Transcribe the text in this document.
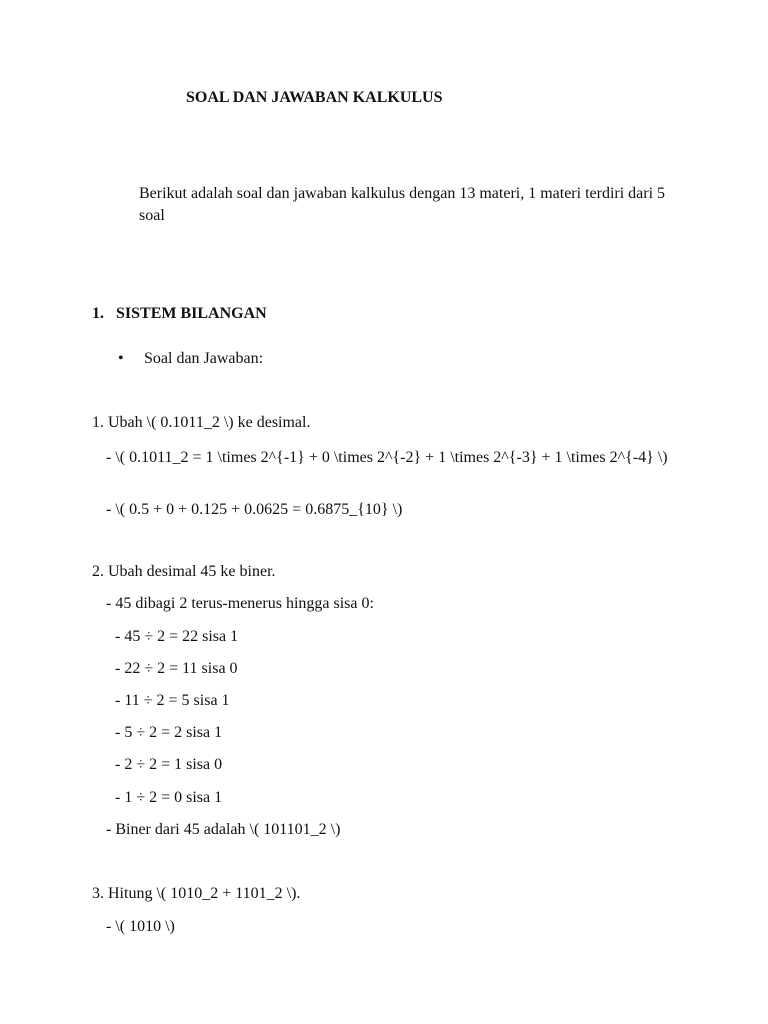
SOAL DAN JAWABAN KALKULUS
Berikut adalah soal dan jawaban kalkulus dengan 13 materi, 1 materi terdiri dari 5 soal
1. SISTEM BILANGAN
• Soal dan Jawaban:
1. Ubah \( 0.1011_2 \) ke desimal.
- \( 0.1011_2 = 1 \times 2^{-1} + 0 \times 2^{-2} + 1 \times 2^{-3} + 1 \times 2^{-4} \)
- \( 0.5 + 0 + 0.125 + 0.0625 = 0.6875_{10} \)
2. Ubah desimal 45 ke biner.
- 45 dibagi 2 terus-menerus hingga sisa 0:
- 45 ÷ 2 = 22 sisa 1
- 22 ÷ 2 = 11 sisa 0
- 11 ÷ 2 = 5 sisa 1
- 5 ÷ 2 = 2 sisa 1
- 2 ÷ 2 = 1 sisa 0
- 1 ÷ 2 = 0 sisa 1
- Biner dari 45 adalah \( 101101_2 \)
3. Hitung \( 1010_2 + 1101_2 \).
- \( 1010 \)
